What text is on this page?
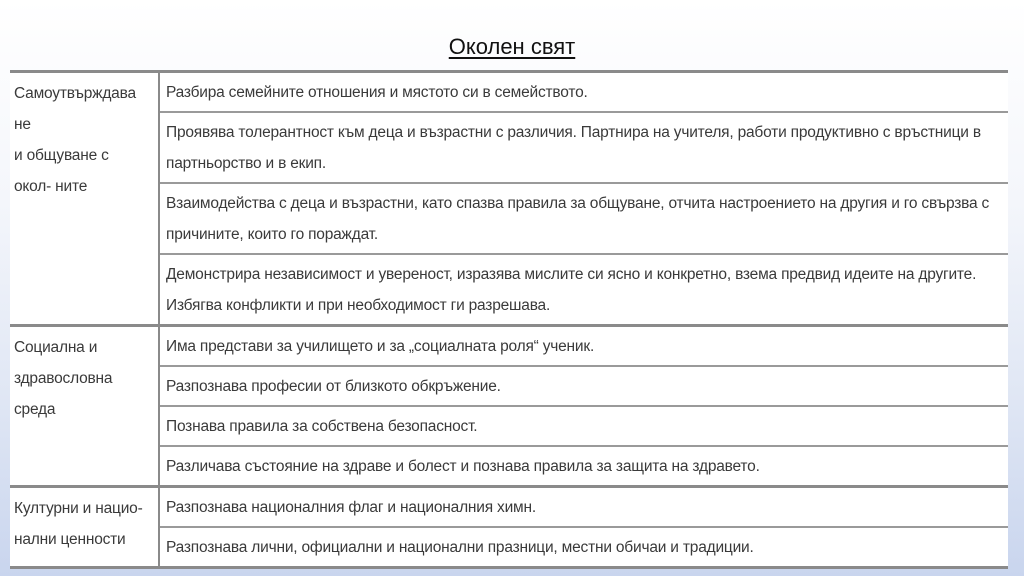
Околен свят
Самоутвърждава
не
и общуване с
окол- ните
Разбира семейните отношения и мястото си в семейството.
Проявява толерантност към деца и възрастни с различия. Партнира на учителя, работи продуктивно с връстници в партньорство и в екип.
Взаимодейства с деца и възрастни, като спазва правила за общуване, отчита настроението на другия и го свързва с причините, които го пораждат.
Демонстрира независимост и увереност, изразява мислите си ясно и конкретно, взема предвид идеите на другите. Избягва конфликти и при необходимост ги разрешава.
Социална и
здравословна
среда
Има представи за училището и за „социалната роля“ ученик.
Разпознава професии от близкото обкръжение.
Познава правила за собствена безопасност.
Различава състояние на здраве и болест и познава правила за защита на здравето.
Културни и нацио-
нални ценности
Разпознава националния флаг и националния химн.
Разпознава лични, официални и национални празници, местни обичаи и традиции.
